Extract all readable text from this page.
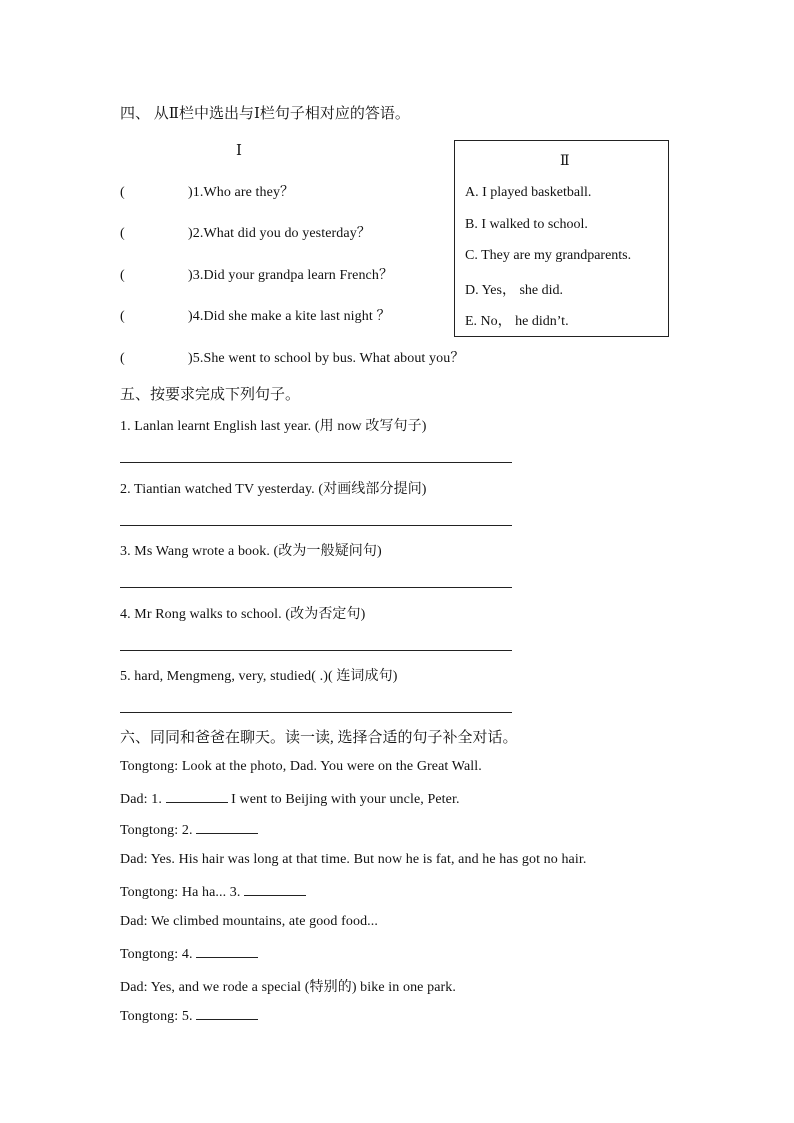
四、 从Ⅱ栏中选出与Ⅰ栏句子相对应的答语。
Ⅰ
(	)1.Who are they？
(	)2.What did you do yesterday？
(	)3.Did your grandpa learn French？
(	)4.Did she make a kite last night ？
(	)5.She went to school by bus. What about you？
Ⅱ
A. I played basketball.
B. I walked to school.
C. They are my grandparents.
D. Yes， she did.
E. No， he didn’t.
五、按要求完成下列句子。
1. Lanlan learnt English last year. (用 now 改写句子)
2. Tiantian watched TV yesterday. (对画线部分提问)
3. Ms Wang wrote a book. (改为一般疑问句)
4. Mr Rong walks to school. (改为否定句)
5. hard, Mengmeng, very, studied( .)( 连词成句)
六、同同和爸爸在聊天。读一读, 选择合适的句子补全对话。
Tongtong: Look at the photo, Dad. You were on the Great Wall.
Dad: 1.	I went to Beijing with your uncle, Peter.
Tongtong: 2.
Dad: Yes. His hair was long at that time. But now he is fat, and he has got no hair.
Tongtong: Ha ha... 3.
Dad: We climbed mountains, ate good food...
Tongtong: 4.
Dad: Yes, and we rode a special (特别的) bike in one park.
Tongtong: 5.
